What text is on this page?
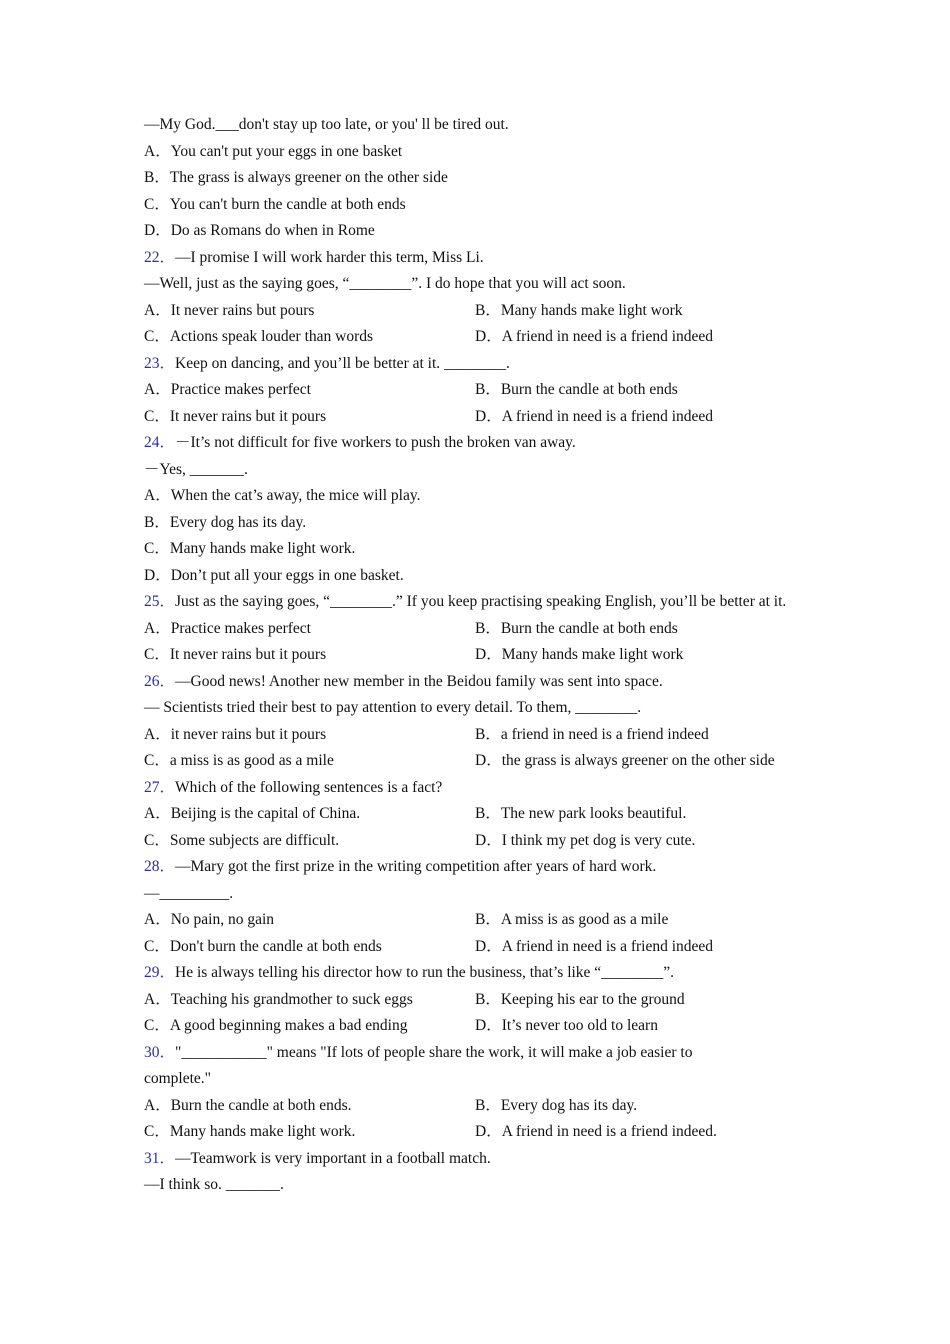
—My God.___don't stay up too late, or you' ll be tired out.
A．You can't put your eggs in one basket
B．The grass is always greener on the other side
C．You can't burn the candle at both ends
D．Do as Romans do when in Rome
22．—I promise I will work harder this term, Miss Li.
—Well, just as the saying goes, “________”. I do hope that you will act soon.
A．It never rains but pours	B．Many hands make light work
C．Actions speak louder than words	D．A friend in need is a friend indeed
23．Keep on dancing, and you’ll be better at it. ________.
A．Practice makes perfect	B．Burn the candle at both ends
C．It never rains but it pours	D．A friend in need is a friend indeed
24．－It’s not difficult for five workers to push the broken van away.
－Yes, _______.
A．When the cat’s away, the mice will play.
B．Every dog has its day.
C．Many hands make light work.
D．Don’t put all your eggs in one basket.
25．Just as the saying goes, “________.” If you keep practising speaking English, you’ll be better at it.
A．Practice makes perfect	B．Burn the candle at both ends
C．It never rains but it pours	D．Many hands make light work
26．—Good news! Another new member in the Beidou family was sent into space.
— Scientists tried their best to pay attention to every detail. To them, ________.
A．it never rains but it pours	B．a friend in need is a friend indeed
C．a miss is as good as a mile	D．the grass is always greener on the other side
27．Which of the following sentences is a fact?
A．Beijing is the capital of China.	B．The new park looks beautiful.
C．Some subjects are difficult.	D．I think my pet dog is very cute.
28．—Mary got the first prize in the writing competition after years of hard work.
—_________.
A．No pain, no gain	B．A miss is as good as a mile
C．Don't burn the candle at both ends	D．A friend in need is a friend indeed
29．He is always telling his director how to run the business, that’s like “________”.
A．Teaching his grandmother to suck eggs	B．Keeping his ear to the ground
C．A good beginning makes a bad ending	D．It’s never too old to learn
30．"___________" means "If lots of people share the work, it will make a job easier to complete."
A．Burn the candle at both ends.	B．Every dog has its day.
C．Many hands make light work.	D．A friend in need is a friend indeed.
31．—Teamwork is very important in a football match.
—I think so. _______.
